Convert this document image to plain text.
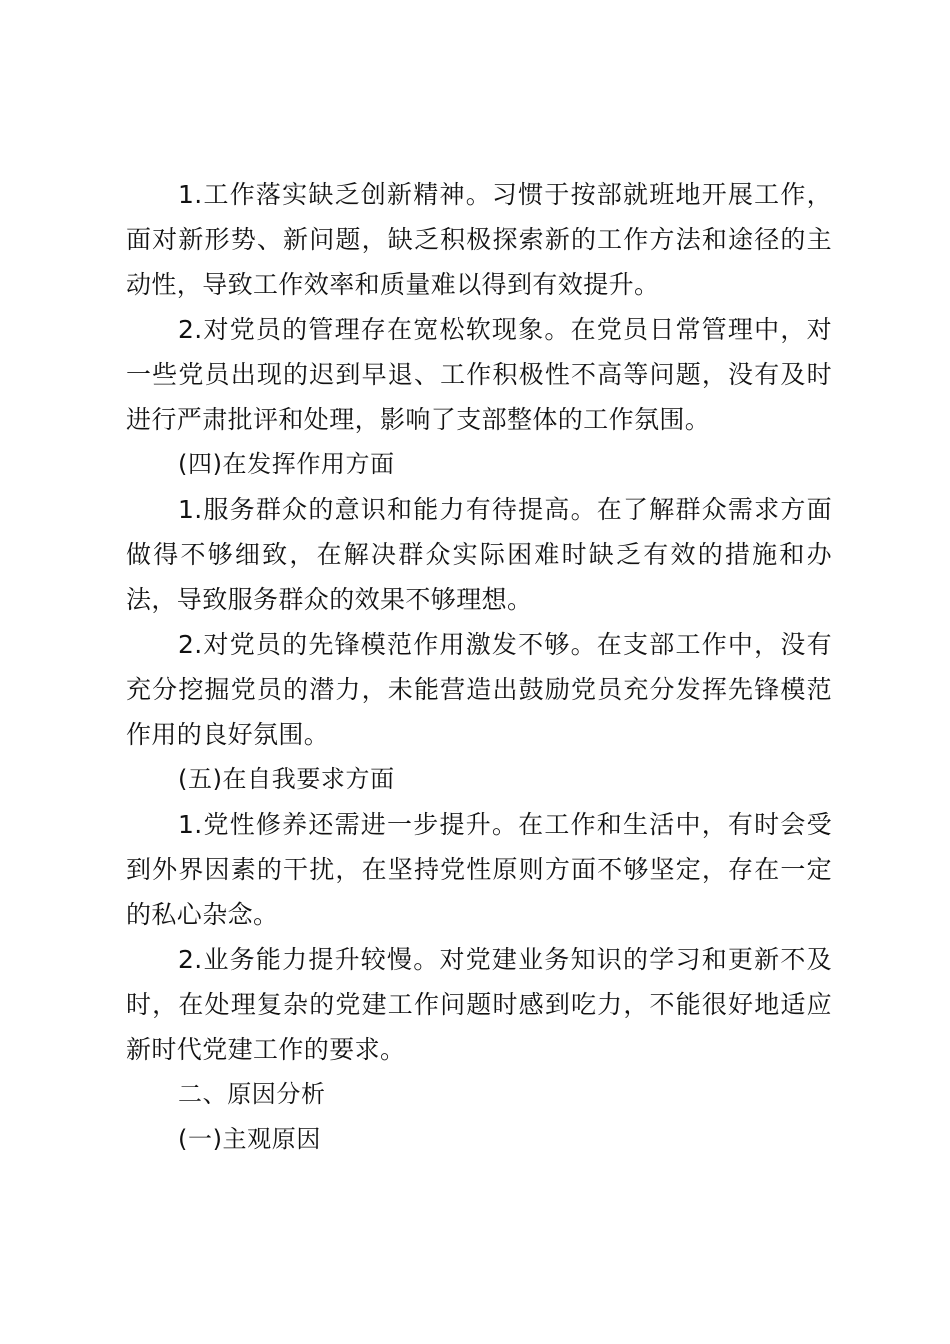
1.工作落实缺乏创新精神。习惯于按部就班地开展工作，面对新形势、新问题，缺乏积极探索新的工作方法和途径的主动性，导致工作效率和质量难以得到有效提升。

2.对党员的管理存在宽松软现象。在党员日常管理中，对一些党员出现的迟到早退、工作积极性不高等问题，没有及时进行严肃批评和处理，影响了支部整体的工作氛围。

(四)在发挥作用方面

1.服务群众的意识和能力有待提高。在了解群众需求方面做得不够细致，在解决群众实际困难时缺乏有效的措施和办法，导致服务群众的效果不够理想。

2.对党员的先锋模范作用激发不够。在支部工作中，没有充分挖掘党员的潜力，未能营造出鼓励党员充分发挥先锋模范作用的良好氛围。

(五)在自我要求方面

1.党性修养还需进一步提升。在工作和生活中，有时会受到外界因素的干扰，在坚持党性原则方面不够坚定，存在一定的私心杂念。

2.业务能力提升较慢。对党建业务知识的学习和更新不及时，在处理复杂的党建工作问题时感到吃力，不能很好地适应新时代党建工作的要求。

二、原因分析

(一)主观原因
